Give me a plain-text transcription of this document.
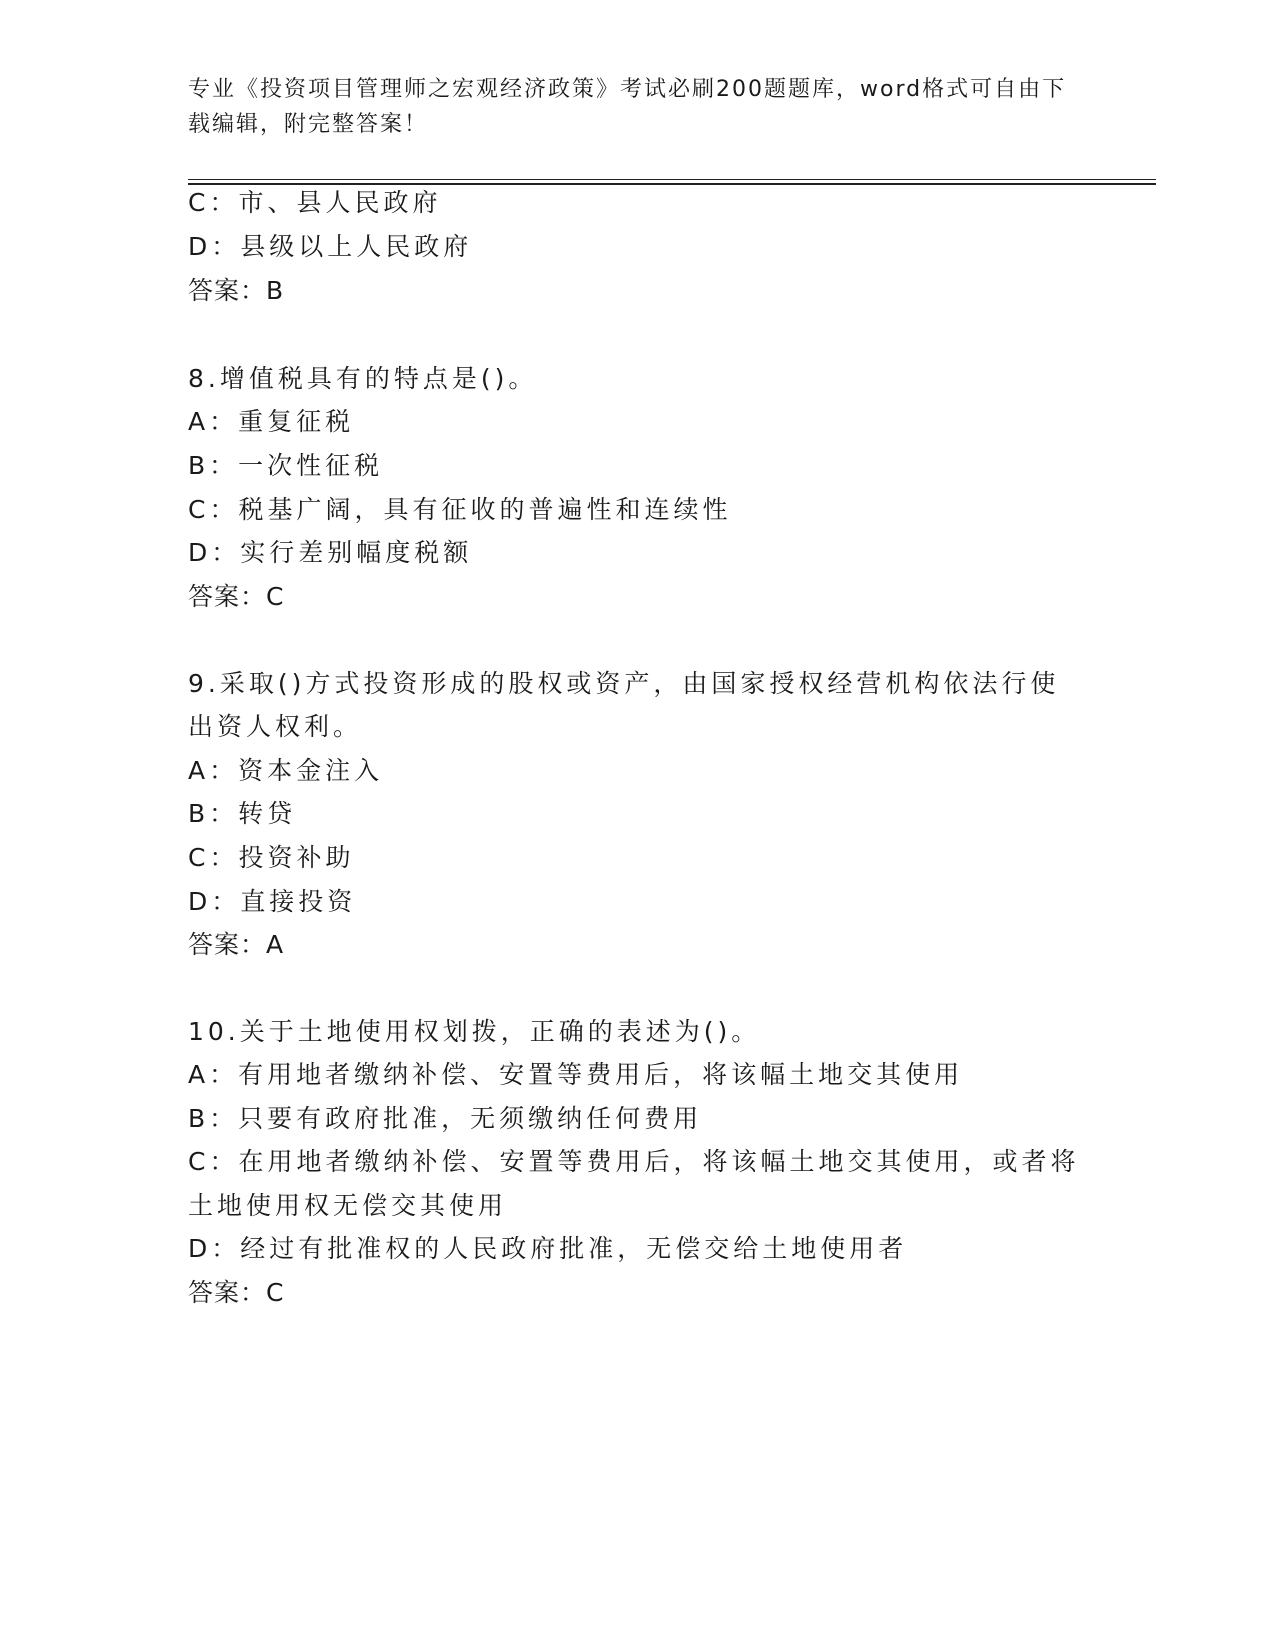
专业《投资项目管理师之宏观经济政策》考试必刷200题题库，word格式可自由下载编辑，附完整答案！
C：市、县人民政府
D：县级以上人民政府
答案：B
8.增值税具有的特点是()。
A：重复征税
B：一次性征税
C：税基广阔，具有征收的普遍性和连续性
D：实行差别幅度税额
答案：C
9.采取()方式投资形成的股权或资产，由国家授权经营机构依法行使
出资人权利。
A：资本金注入
B：转贷
C：投资补助
D：直接投资
答案：A
10.关于土地使用权划拨，正确的表述为()。
A：有用地者缴纳补偿、安置等费用后，将该幅土地交其使用
B：只要有政府批准，无须缴纳任何费用
C：在用地者缴纳补偿、安置等费用后，将该幅土地交其使用，或者将
土地使用权无偿交其使用
D：经过有批准权的人民政府批准，无偿交给土地使用者
答案：C
